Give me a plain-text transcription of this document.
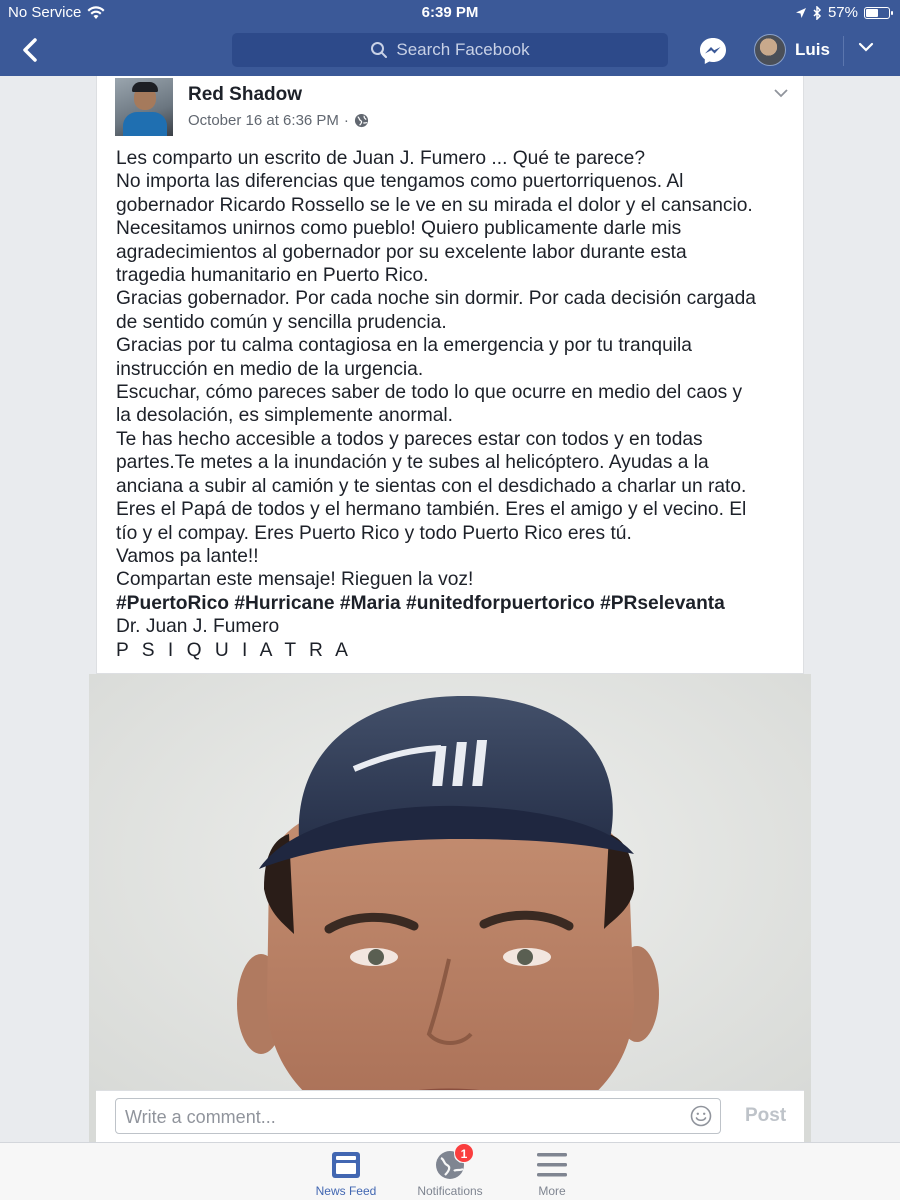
No Service	6:39 PM	57%
Search Facebook	Luis
Red Shadow
October 16 at 6:36 PM ·

Les comparto un escrito de Juan J. Fumero ... Qué te parece?

No importa las diferencias que tengamos como puertorriquenos. Al

gobernador Ricardo Rossello se le ve en su mirada el dolor y el cansancio.

Necesitamos unirnos como pueblo! Quiero publicamente darle mis

agradecimientos al gobernador por su excelente labor durante esta

tragedia humanitario en Puerto Rico.

Gracias gobernador. Por cada noche sin dormir. Por cada decisión cargada

de sentido común y sencilla prudencia.

Gracias por tu calma contagiosa en la emergencia y por tu tranquila

instrucción en medio de la urgencia.

Escuchar, cómo pareces saber de todo lo que ocurre en medio del caos y

la desolación, es simplemente anormal.

Te has hecho accesible a todos y pareces estar con todos y en todas

partes.Te metes a la inundación y te subes al helicóptero. Ayudas a la

anciana a subir al camión y te sientas con el desdichado a charlar un rato.

Eres el Papá de todos y el hermano también. Eres el amigo y el vecino. El

tío y el compay. Eres Puerto Rico y todo Puerto Rico eres tú.

Vamos pa lante!!

Compartan este mensaje! Rieguen la voz!

#PuertoRico #Hurricane #Maria #unitedforpuertorico #PRselevanta

Dr. Juan J. Fumero

P S I Q U I A T R A

Write a comment...	Post
News Feed
1
Notifications	More
